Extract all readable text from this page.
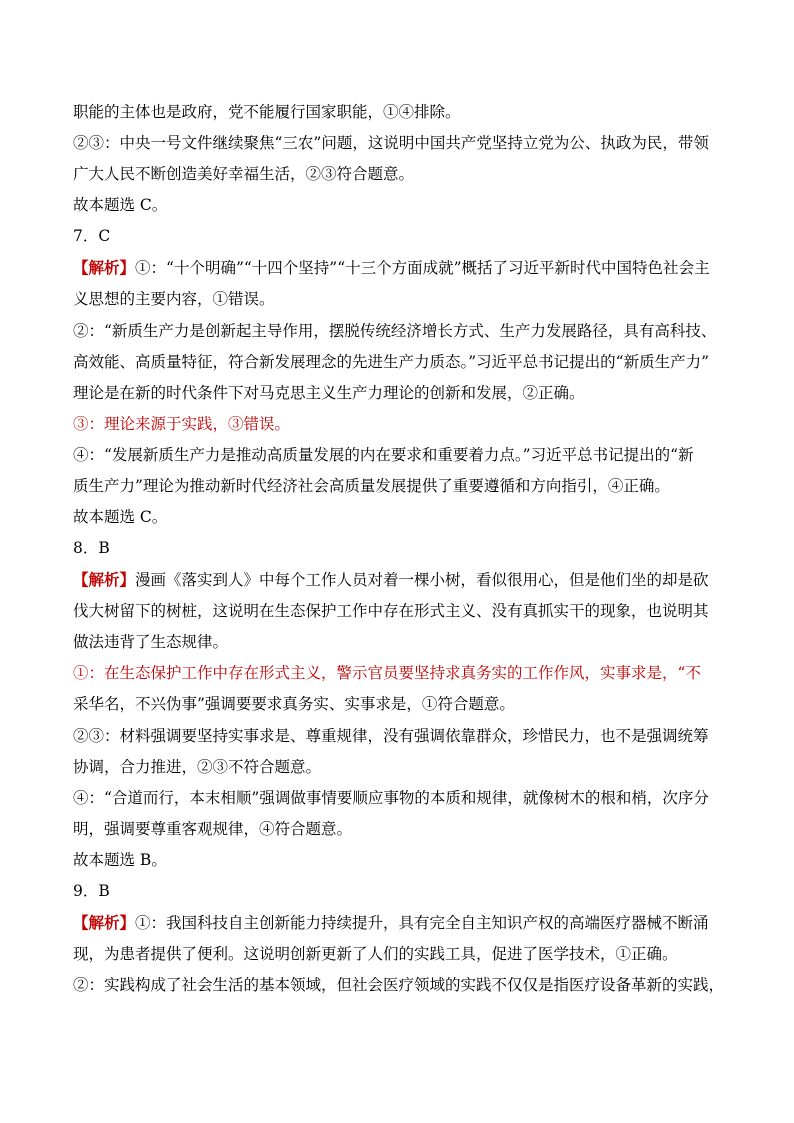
职能的主体也是政府，党不能履行国家职能，①④排除。
②③：中央一号文件继续聚焦“三农”问题，这说明中国共产党坚持立党为公、执政为民，带领
广大人民不断创造美好幸福生活，②③符合题意。
故本题选 C。
7．C
【解析】①：“十个明确”“十四个坚持”“十三个方面成就”概括了习近平新时代中国特色社会主
义思想的主要内容，①错误。
②：“新质生产力是创新起主导作用，摆脱传统经济增长方式、生产力发展路径，具有高科技、
高效能、高质量特征，符合新发展理念的先进生产力质态。”习近平总书记提出的“新质生产力”
理论是在新的时代条件下对马克思主义生产力理论的创新和发展，②正确。
③：理论来源于实践，③错误。
④：“发展新质生产力是推动高质量发展的内在要求和重要着力点。”习近平总书记提出的“新
质生产力”理论为推动新时代经济社会高质量发展提供了重要遵循和方向指引，④正确。
故本题选 C。
8．B
【解析】漫画《落实到人》中每个工作人员对着一棵小树，看似很用心，但是他们坐的却是砍
伐大树留下的树桩，这说明在生态保护工作中存在形式主义、没有真抓实干的现象，也说明其
做法违背了生态规律。
①：在生态保护工作中存在形式主义，警示官员要坚持求真务实的工作作风，实事求是，“不
采华名，不兴伪事”强调要要求真务实、实事求是，①符合题意。
②③：材料强调要坚持实事求是、尊重规律，没有强调依靠群众，珍惜民力，也不是强调统筹
协调，合力推进，②③不符合题意。
④：“合道而行，本末相顺”强调做事情要顺应事物的本质和规律，就像树木的根和梢，次序分
明，强调要尊重客观规律，④符合题意。
故本题选 B。
9．B
【解析】①：我国科技自主创新能力持续提升，具有完全自主知识产权的高端医疗器械不断涌
现，为患者提供了便利。这说明创新更新了人们的实践工具，促进了医学技术，①正确。
②：实践构成了社会生活的基本领域，但社会医疗领域的实践不仅仅是指医疗设备革新的实践，
